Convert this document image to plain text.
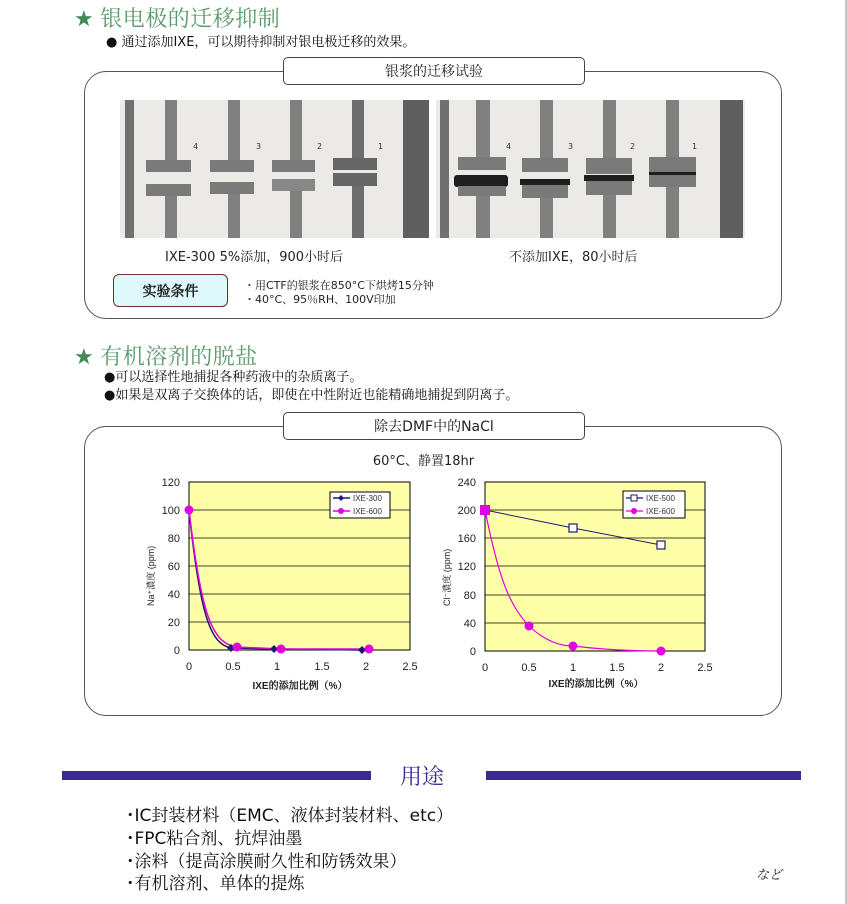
★ 银电极的迁移抑制
● 通过添加IXE，可以期待抑制对银电极迁移的效果。
银浆的迁移试验
4	3	2	1	4	3	2	1
IXE-300 5%添加，900小时后	不添加IXE，80小时后
实验条件	・用CTF的银浆在850°C下烘烤15分钟
・40°C、95％RH、100V印加
★ 有机溶剂的脱盐
●可以选择性地捕捉各种药液中的杂质离子。
●如果是双离子交换体的话，即使在中性附近也能精确地捕捉到阴离子。
除去DMF中的NaCl
60°C、静置18hr
0
20
40
60
80
100
120
0	0.5	1	1.5	2	2.5
Na⁺濃度 (ppm)
IXE的添加比例（%）
IXE-300
IXE-600
0
40
80
120
160
200
240
0	0.5	1	1.5	2	2.5
Cl⁻濃度 (ppm)
IXE的添加比例（%）
IXE-500
IXE-600
用途
･IC封装材料（EMC、液体封装材料、etc）
･FPC粘合剂、抗焊油墨
･涂料（提高涂膜耐久性和防锈效果）
･有机溶剂、单体的提炼	など
